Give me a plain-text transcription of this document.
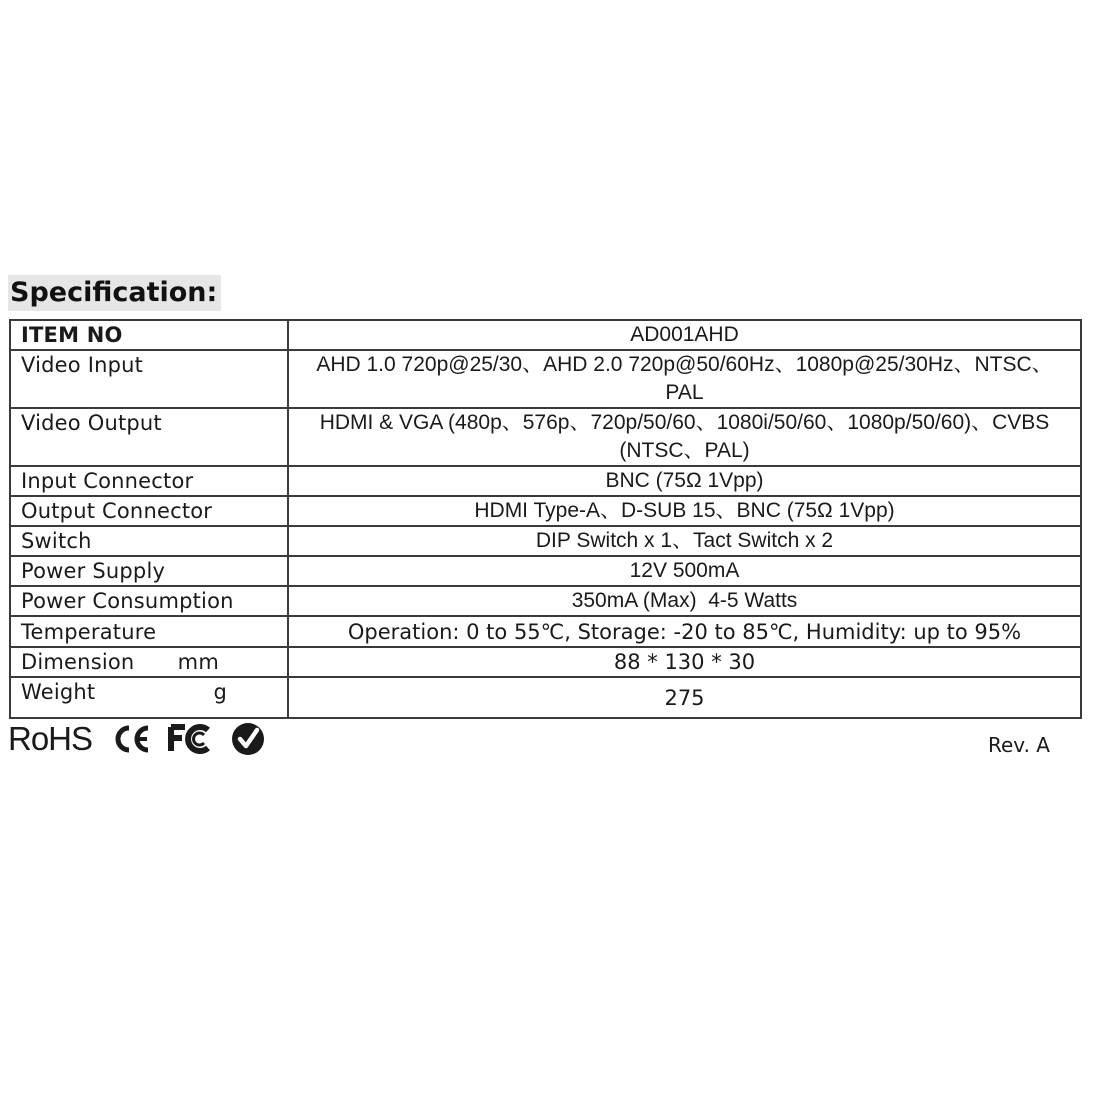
Specification:
ITEM NO	AD001AHD
Video Input	AHD 1.0 720p@25/30、AHD 2.0 720p@50/60Hz、1080p@25/30Hz、NTSC、
PAL

Video Output	HDMI & VGA (480p、576p、720p/50/60、1080i/50/60、1080p/50/60)、CVBS
(NTSC、PAL)

Input Connector	BNC (75Ω 1Vpp)
Output Connector	HDMI Type-A、D-SUB 15、BNC (75Ω 1Vpp)
Switch	DIP Switch x 1、Tact Switch x 2
Power Supply	12V 500mA
Power Consumption	350mA (Max)  4-5 Watts
Temperature	Operation: 0 to 55℃, Storage: -20 to 85℃, Humidity: up to 95%

Dimension mm	88 * 130 * 30

Weight g	275
RoHS	Rev. A
